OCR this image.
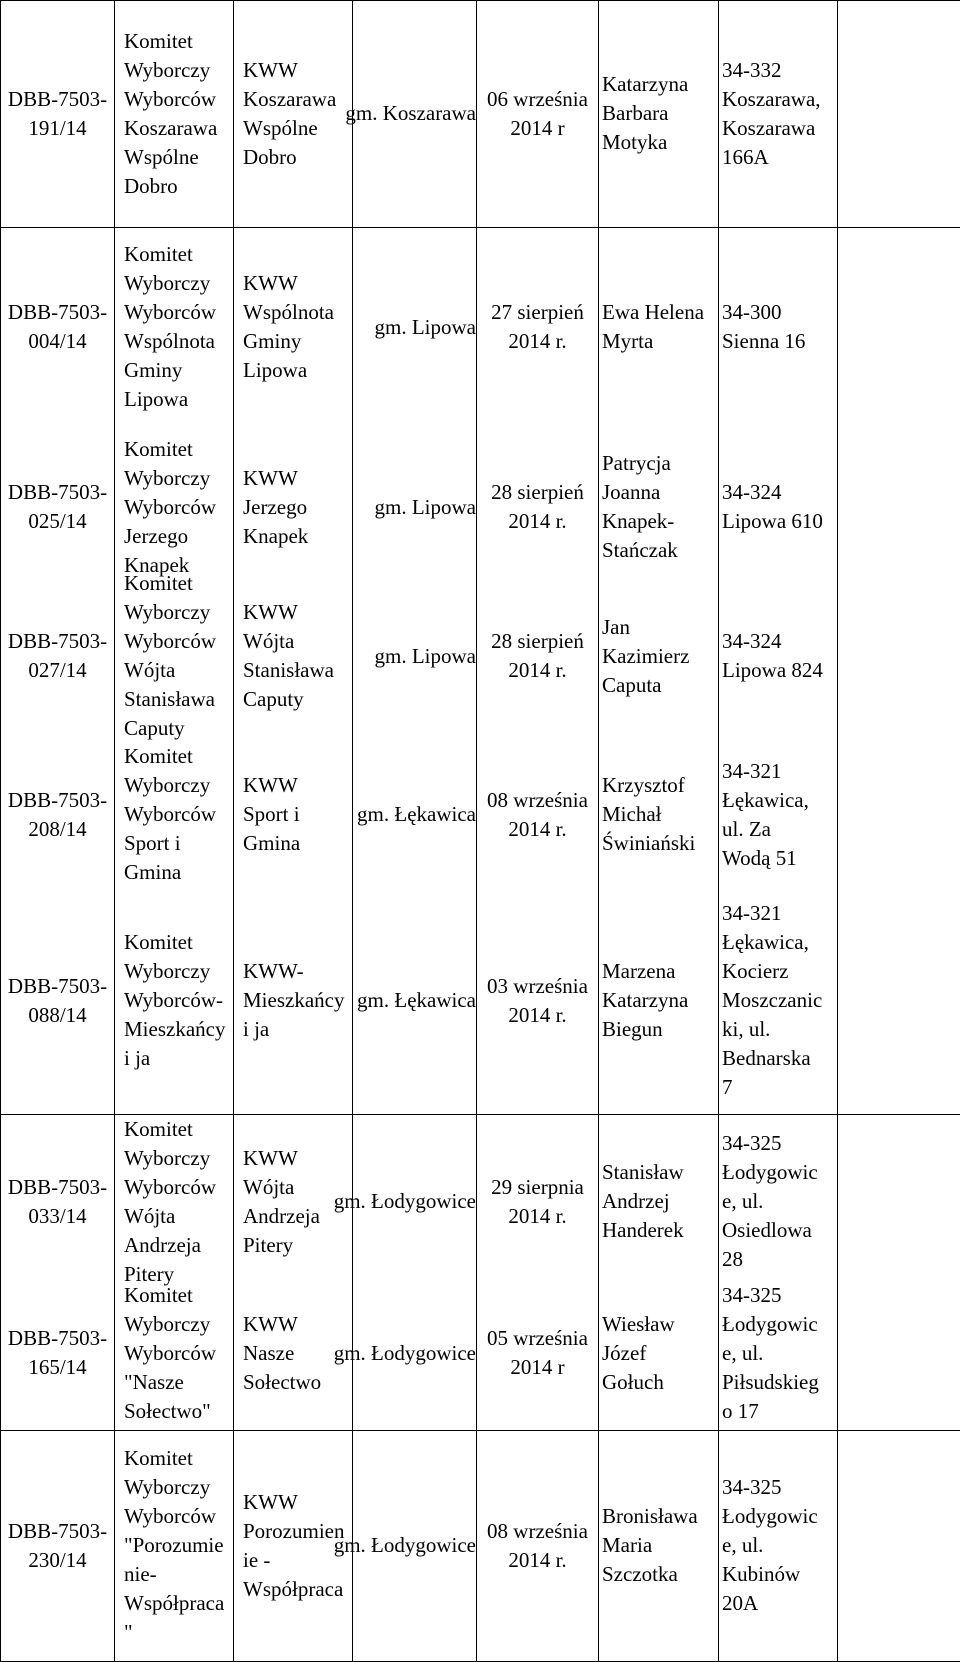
DBB-7503-
191/14
Komitet
Wyborczy
Wyborców
Koszarawa
Wspólne
Dobro
KWW
Koszarawa
Wspólne
Dobro
gm. Koszarawa
06 września
2014 r
Katarzyna
Barbara
Motyka
34-332
Koszarawa,
Koszarawa
166A
DBB-7503-
004/14
Komitet
Wyborczy
Wyborców
Wspólnota
Gminy
Lipowa
KWW
Wspólnota
Gminy
Lipowa
gm. Lipowa
27 sierpień
2014 r.
Ewa Helena
Myrta
34-300
Sienna 16
DBB-7503-
025/14
Komitet
Wyborczy
Wyborców
Jerzego
Knapek
KWW
Jerzego
Knapek
gm. Lipowa
28 sierpień
2014 r.
Patrycja
Joanna
Knapek-
Stańczak
34-324
Lipowa 610
DBB-7503-
027/14
Komitet
Wyborczy
Wyborców
Wójta
Stanisława
Caputy
KWW
Wójta
Stanisława
Caputy
gm. Lipowa
28 sierpień
2014 r.
Jan
Kazimierz
Caputa
34-324
Lipowa 824
DBB-7503-
208/14
Komitet
Wyborczy
Wyborców
Sport i
Gmina
KWW
Sport i
Gmina
gm. Łękawica
08 września
2014 r.
Krzysztof
Michał
Świniański
34-321
Łękawica,
ul. Za
Wodą 51
DBB-7503-
088/14
Komitet
Wyborczy
Wyborców-
Mieszkańcy
i ja
KWW-
Mieszkańcy
i ja
gm. Łękawica
03 września
2014 r.
Marzena
Katarzyna
Biegun
34-321
Łękawica,
Kocierz
Moszczanic
ki, ul.
Bednarska
7
DBB-7503-
033/14
Komitet
Wyborczy
Wyborców
Wójta
Andrzeja
Pitery
KWW
Wójta
Andrzeja
Pitery
gm. Łodygowice
29 sierpnia
2014 r.
Stanisław
Andrzej
Handerek
34-325
Łodygowic
e, ul.
Osiedlowa
28
DBB-7503-
165/14
Komitet
Wyborczy
Wyborców
"Nasze
Sołectwo"
KWW
Nasze
Sołectwo
gm. Łodygowice
05 września
2014 r
Wiesław
Józef
Gołuch
34-325
Łodygowic
e, ul.
Piłsudskieg
o 17
DBB-7503-
230/14
Komitet
Wyborczy
Wyborców
"Porozumie
nie-
Współpraca
"
KWW
Porozumien
ie -
Współpraca
gm. Łodygowice
08 września
2014 r.
Bronisława
Maria
Szczotka
34-325
Łodygowic
e, ul.
Kubinów
20A
